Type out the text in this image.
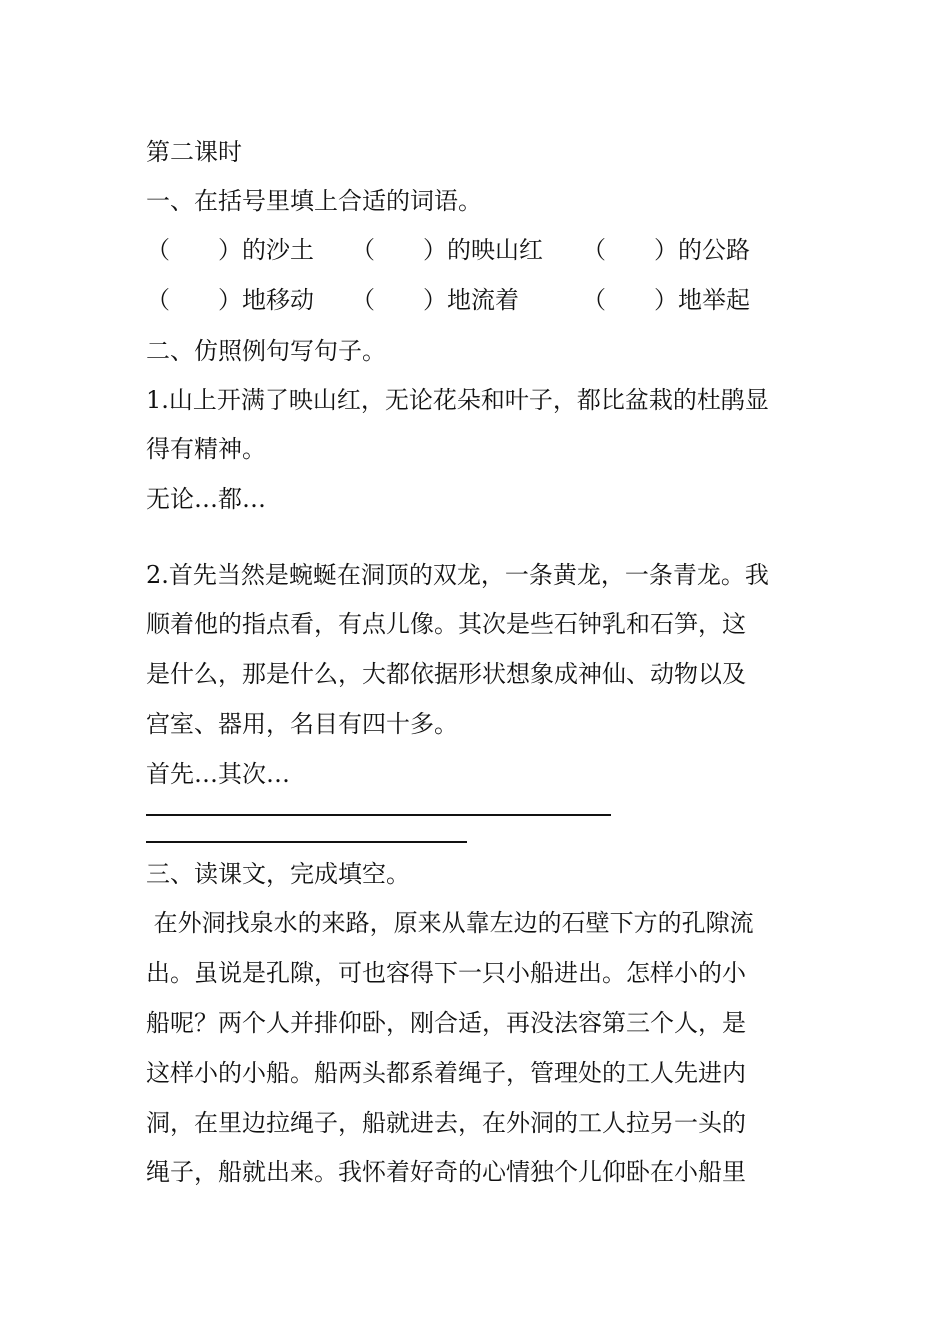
第二课时
一、在括号里填上合适的词语。
（　　）的沙土 （　　）的映山红 （　　）的公路
（　　）地移动 （　　）地流着	（　　）地举起
二、仿照例句写句子。
1.山上开满了映山红，无论花朵和叶子，都比盆栽的杜鹃显
得有精神。
无论…都…
2.首先当然是蜿蜒在洞顶的双龙，一条黄龙，一条青龙。我
顺着他的指点看，有点儿像。其次是些石钟乳和石笋，这
是什么，那是什么，大都依据形状想象成神仙、动物以及
宫室、器用，名目有四十多。
首先…其次…
三、读课文，完成填空。
在外洞找泉水的来路，原来从靠左边的石壁下方的孔隙流
出。虽说是孔隙，可也容得下一只小船进出。怎样小的小
船呢？两个人并排仰卧，刚合适，再没法容第三个人，是
这样小的小船。船两头都系着绳子，管理处的工人先进内
洞，在里边拉绳子，船就进去，在外洞的工人拉另一头的
绳子，船就出来。我怀着好奇的心情独个儿仰卧在小船里
